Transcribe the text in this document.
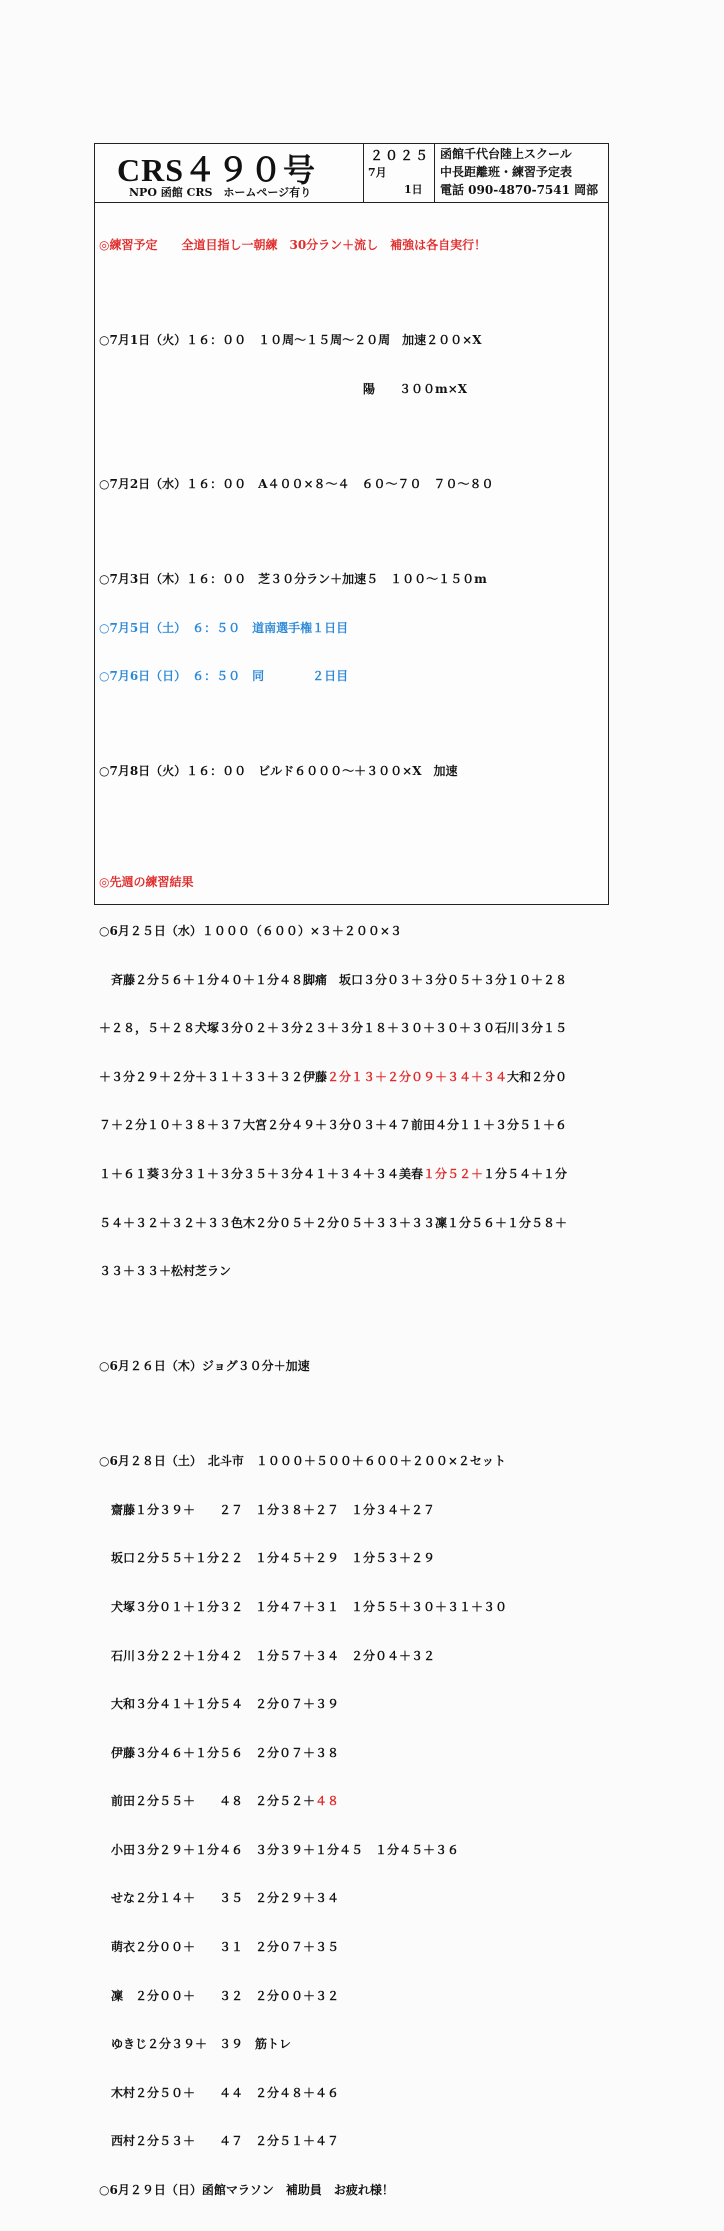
CRS４９０号
NPO 函館 CRS　ホームページ有り
２０２５
7月
1日
函館千代台陸上スクール
中長距離班・練習予定表
電話 090-4870-7541 岡部

◎練習予定　　全道目指し一朝練　30分ラン＋流し　補強は各自実行！

○7月1日（火）１６：００　１０周〜１５周〜２０周　加速２００×X

　　　　　　　　　　　　　　　　　　　　　　陽　　３００m×X

○7月2日（水）１６：００　A４００×８〜４　６０〜７０　７０〜８０

○7月3日（木）１６：００　芝３０分ラン＋加速５　１００〜１５０m

○7月5日（土）　６：５０　道南選手権１日目

○7月6日（日）　６：５０　同　　　　２日目

○7月8日（火）１６：００　ビルド６０００〜＋３００×X　加速

◎先週の練習結果

○6月２５日（水）１０００（６００）×３＋２００×３

斉藤２分５６＋１分４０＋１分４８脚痛　坂口３分０３＋３分０５＋３分１０＋２８

＋２８，５＋２８犬塚３分０２＋３分２３＋３分１８＋３０＋３０＋３０石川３分１５

＋３分２９＋２分＋３１＋３３＋３２伊藤２分１３＋２分０９＋３４＋３４大和２分０

７＋２分１０＋３８＋３７大宮２分４９＋３分０３＋４７前田４分１１＋３分５１＋６

１＋６１葵３分３１＋３分３５＋３分４１＋３４＋３４美春１分５２＋１分５４＋１分

５４＋３２＋３２＋３３色木２分０５＋２分０５＋３３＋３３凜１分５６＋１分５８＋

３３＋３３＋松村芝ラン

○6月２６日（木）ジョグ３０分＋加速

○6月２８日（土）　北斗市　１０００＋５００＋６００＋２００×２セット

齋藤１分３９＋　　２７　１分３８＋２７　１分３４＋２７

坂口２分５５＋１分２２　１分４５＋２９　１分５３＋２９

犬塚３分０１＋１分３２　１分４７＋３１　１分５５＋３０＋３１＋３０

石川３分２２＋１分４２　１分５７＋３４　２分０４＋３２

大和３分４１＋１分５４　２分０７＋３９

伊藤３分４６＋１分５６　２分０７＋３８

前田２分５５＋　　４８　２分５２＋４８

小田３分２９＋１分４６　３分３９＋１分４５　１分４５＋３６

せな２分１４＋　　３５　２分２９＋３４

萌衣２分００＋　　３１　２分０７＋３５

凜　２分００＋　　３２　２分００＋３２

ゆきじ２分３９＋　３９　筋トレ

木村２分５０＋　　４４　２分４８＋４６

西村２分５３＋　　４７　２分５１＋４７

○6月２９日（日）函館マラソン　補助員　お疲れ様！
